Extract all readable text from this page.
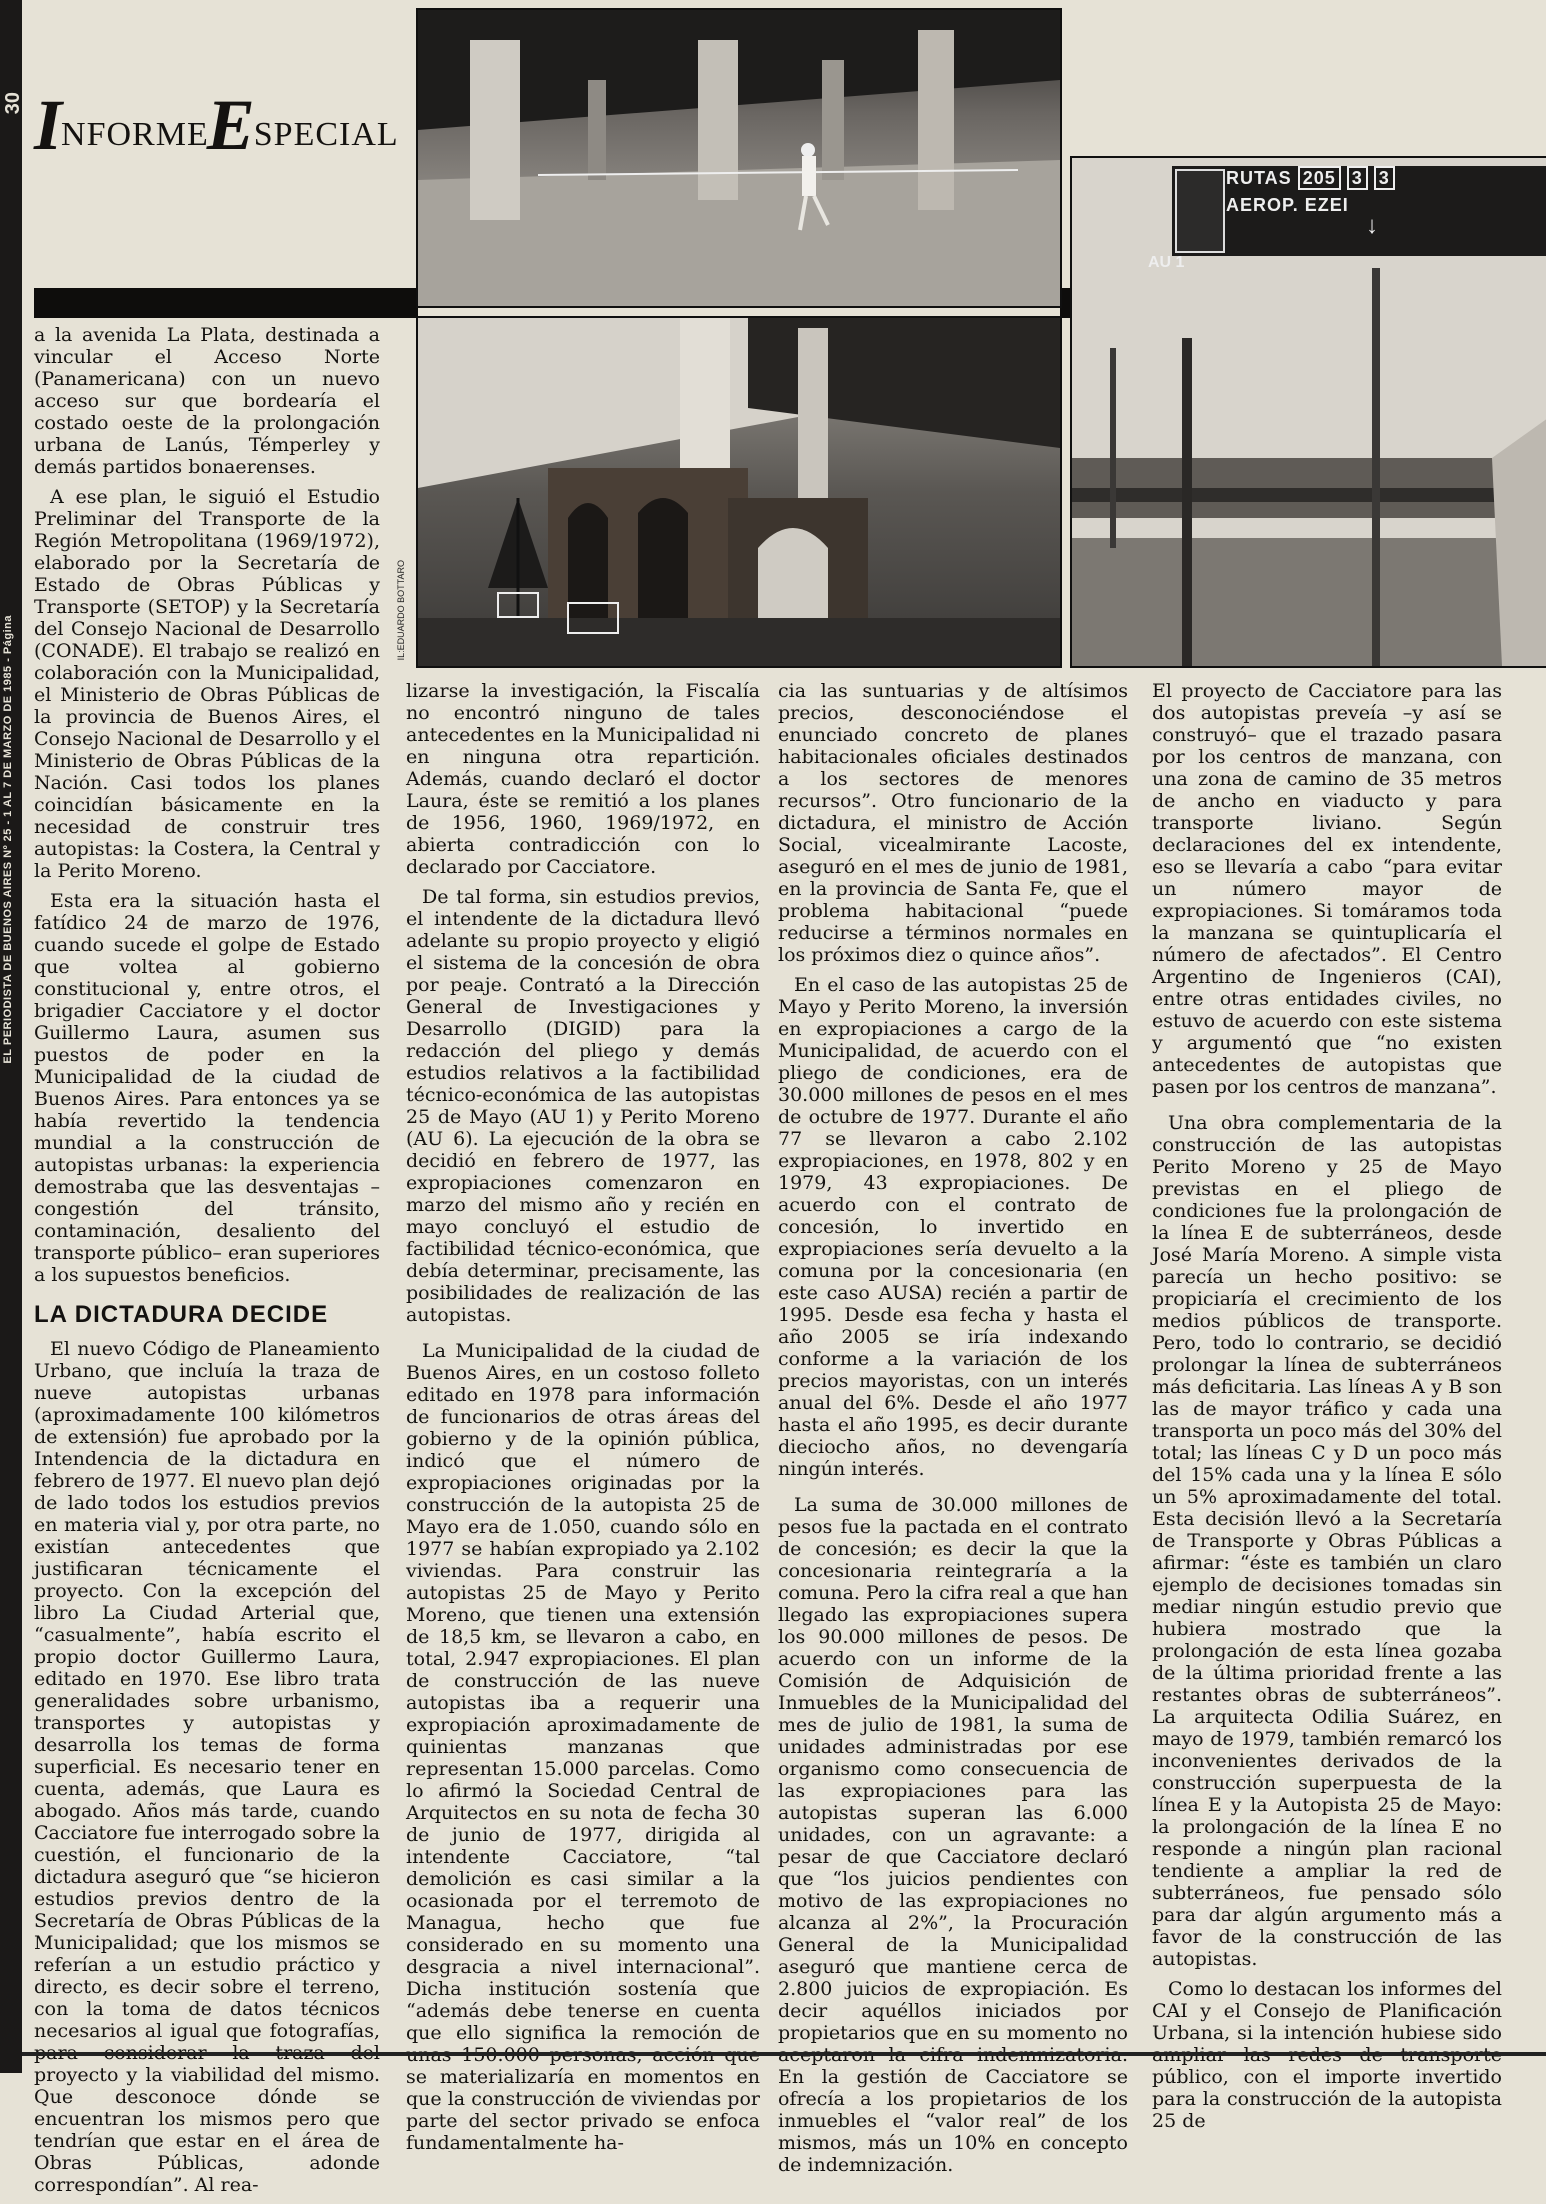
EL PERIODISTA DE BUENOS AIRES Nº 25 - 1 AL 7 DE MARZO DE 1985 - Página
30 I
NFORME
E
SPECIAL
IL:EDUARDO BOTTARO
RUTAS 205 3 3
AEROP. EZEI
↓
AU 1

a la avenida La Plata, destinada a vincular el Acceso Norte (Panamericana) con un nuevo acceso sur que bordearía el costado oeste de la prolongación urbana de Lanús, Témperley y demás partidos bonaerenses.

A ese plan, le siguió el Estudio Preliminar del Transporte de la Región Metropolitana (1969/1972), elaborado por la Secretaría de Estado de Obras Públicas y Transporte (SETOP) y la Secretaría del Consejo Nacional de Desarrollo (CONADE). El trabajo se realizó en colaboración con la Municipalidad, el Ministerio de Obras Públicas de la provincia de Buenos Aires, el Consejo Nacional de Desarrollo y el Ministerio de Obras Públicas de la Nación. Casi todos los planes coincidían básicamente en la necesidad de construir tres autopistas: la Costera, la Central y la Perito Moreno.

Esta era la situación hasta el fatídico 24 de marzo de 1976, cuando sucede el golpe de Estado que voltea al gobierno constitucional y, entre otros, el brigadier Cacciatore y el doctor Guillermo Laura, asumen sus puestos de poder en la Municipalidad de la ciudad de Buenos Aires. Para entonces ya se había revertido la tendencia mundial a la construcción de autopistas urbanas: la experiencia demostraba que las desventajas –congestión del tránsito, contaminación, desaliento del transporte público– eran superiores a los supuestos beneficios.

LA DICTADURA DECIDE

El nuevo Código de Planeamiento Urbano, que incluía la traza de nueve autopistas urbanas (aproximadamente 100 kilómetros de extensión) fue aprobado por la Intendencia de la dictadura en febrero de 1977. El nuevo plan dejó de lado todos los estudios previos en materia vial y, por otra parte, no existían antecedentes que justificaran técnicamente el proyecto. Con la excepción del libro La Ciudad Arterial que, “casualmente”, había escrito el propio doctor Guillermo Laura, editado en 1970. Ese libro trata generalidades sobre urbanismo, transportes y autopistas y desarrolla los temas de forma superficial. Es necesario tener en cuenta, además, que Laura es abogado. Años más tarde, cuando Cacciatore fue interrogado sobre la cuestión, el funcionario de la dictadura aseguró que “se hicieron estudios previos dentro de la Secretaría de Obras Públicas de la Municipalidad; que los mismos se referían a un estudio práctico y directo, es decir sobre el terreno, con la toma de datos técnicos necesarios al igual que fotografías, proyecto y la viabilidad del mismo. Que desconoce dónde se encuentran los mismos pero que tendrían que estar en el área de Obras Públicas, adonde correspondían”. Al rea-

lizarse la investigación, la Fiscalía no encontró ninguno de tales antecedentes en la Municipalidad ni en ninguna otra repartición. Además, cuando declaró el doctor Laura, éste se remitió a los planes de 1956, 1960, 1969/1972, en abierta contradicción con lo declarado por Cacciatore.

De tal forma, sin estudios previos, el intendente de la dictadura llevó adelante su propio proyecto y eligió el sistema de la concesión de obra por peaje. Contrató a la Dirección General de Investigaciones y Desarrollo (DIGID) para la redacción del pliego y demás estudios relativos a la factibilidad técnico-económica de las autopistas 25 de Mayo (AU 1) y Perito Moreno (AU 6). La ejecución de la obra se decidió en febrero de 1977, las expropiaciones comenzaron en marzo del mismo año y recién en mayo concluyó el estudio de factibilidad técnico-económica, que debía determinar, precisamente, las posibilidades de realización de las autopistas.

La Municipalidad de la ciudad de Buenos Aires, en un costoso folleto editado en 1978 para información de funcionarios de otras áreas del gobierno y de la opinión pública, indicó que el número de expropiaciones originadas por la construcción de la autopista 25 de Mayo era de 1.050, cuando sólo en 1977 se habían expropiado ya 2.102 viviendas. Para construir las autopistas 25 de Mayo y Perito Moreno, que tienen una extensión de 18,5 km, se llevaron a cabo, en total, 2.947 expropiaciones. El plan de construcción de las nueve autopistas iba a requerir una expropiación aproximadamente de quinientas manzanas que representan 15.000 parcelas. Como lo afirmó la Sociedad Central de Arquitectos en su nota de fecha 30 de junio de 1977, dirigida al intendente Cacciatore, “tal demolición es casi similar a la ocasionada por el terremoto de Managua, hecho que fue considerado en su momento una desgracia a nivel internacional”. Dicha institución sostenía que “además debe tenerse en cuenta que ello significa la remoción de se materializaría en momentos en que la construcción de viviendas por parte del sector privado se enfoca fundamentalmente ha-

cia las suntuarias y de altísimos precios, desconociéndose el enunciado concreto de planes habitacionales oficiales destinados a los sectores de menores recursos”. Otro funcionario de la dictadura, el ministro de Acción Social, vicealmirante Lacoste, aseguró en el mes de junio de 1981, en la provincia de Santa Fe, que el problema habitacional “puede reducirse a términos normales en los próximos diez o quince años”.

En el caso de las autopistas 25 de Mayo y Perito Moreno, la inversión en expropiaciones a cargo de la Municipalidad, de acuerdo con el pliego de condiciones, era de 30.000 millones de pesos en el mes de octubre de 1977. Durante el año 77 se llevaron a cabo 2.102 expropiaciones, en 1978, 802 y en 1979, 43 expropiaciones. De acuerdo con el contrato de concesión, lo invertido en expropiaciones sería devuelto a la comuna por la concesionaria (en este caso AUSA) recién a partir de 1995. Desde esa fecha y hasta el año 2005 se iría indexando conforme a la variación de los precios mayoristas, con un interés anual del 6%. Desde el año 1977 hasta el año 1995, es decir durante dieciocho años, no devengaría ningún interés.

La suma de 30.000 millones de pesos fue la pactada en el contrato de concesión; es decir la que la concesionaria reintegraría a la comuna. Pero la cifra real a que han llegado las expropiaciones supera los 90.000 millones de pesos. De acuerdo con un informe de la Comisión de Adquisición de Inmuebles de la Municipalidad del mes de julio de 1981, la suma de unidades administradas por ese organismo como consecuencia de las expropiaciones para las autopistas superan las 6.000 unidades, con un agravante: a pesar de que Cacciatore declaró que “los juicios pendientes con motivo de las expropiaciones no alcanza al 2%”, la Procuración General de la Municipalidad aseguró que mantiene cerca de 2.800 juicios de expropiación. Es decir aquéllos iniciados por propietarios que en su momento no En la gestión de Cacciatore se ofrecía a los propietarios de los inmuebles el “valor real” de los mismos, más un 10% en concepto de indemnización.

El proyecto de Cacciatore para las dos autopistas preveía –y así se construyó– que el trazado pasara por los centros de manzana, con una zona de camino de 35 metros de ancho en viaducto y para transporte liviano. Según declaraciones del ex intendente, eso se llevaría a cabo “para evitar un número mayor de expropiaciones. Si tomáramos toda la manzana se quintuplicaría el número de afectados”. El Centro Argentino de Ingenieros (CAI), entre otras entidades civiles, no estuvo de acuerdo con este sistema y argumentó que “no existen antecedentes de autopistas que pasen por los centros de manzana”.

Una obra complementaria de la construcción de las autopistas Perito Moreno y 25 de Mayo previstas en el pliego de condiciones fue la prolongación de la línea E de subterráneos, desde José María Moreno. A simple vista parecía un hecho positivo: se propiciaría el crecimiento de los medios públicos de transporte. Pero, todo lo contrario, se decidió prolongar la línea de subterráneos más deficitaria. Las líneas A y B son las de mayor tráfico y cada una transporta un poco más del 30% del total; las líneas C y D un poco más del 15% cada una y la línea E sólo un 5% aproximadamente del total. Esta decisión llevó a la Secretaría de Transporte y Obras Públicas a afirmar: “éste es también un claro ejemplo de decisiones tomadas sin mediar ningún estudio previo que hubiera mostrado que la prolongación de esta línea gozaba de la última prioridad frente a las restantes obras de subterráneos”. La arquitecta Odilia Suárez, en mayo de 1979, también remarcó los inconvenientes derivados de la construcción superpuesta de la línea E y la Autopista 25 de Mayo: la prolongación de la línea E no responde a ningún plan racional tendiente a ampliar la red de subterráneos, fue pensado sólo para dar algún argumento más a favor de la construcción de las autopistas.

Como lo destacan los informes del CAI y el Consejo de Planificación Urbana, si la intención hubiese sido público, con el importe invertido para la construcción de la autopista 25 de
